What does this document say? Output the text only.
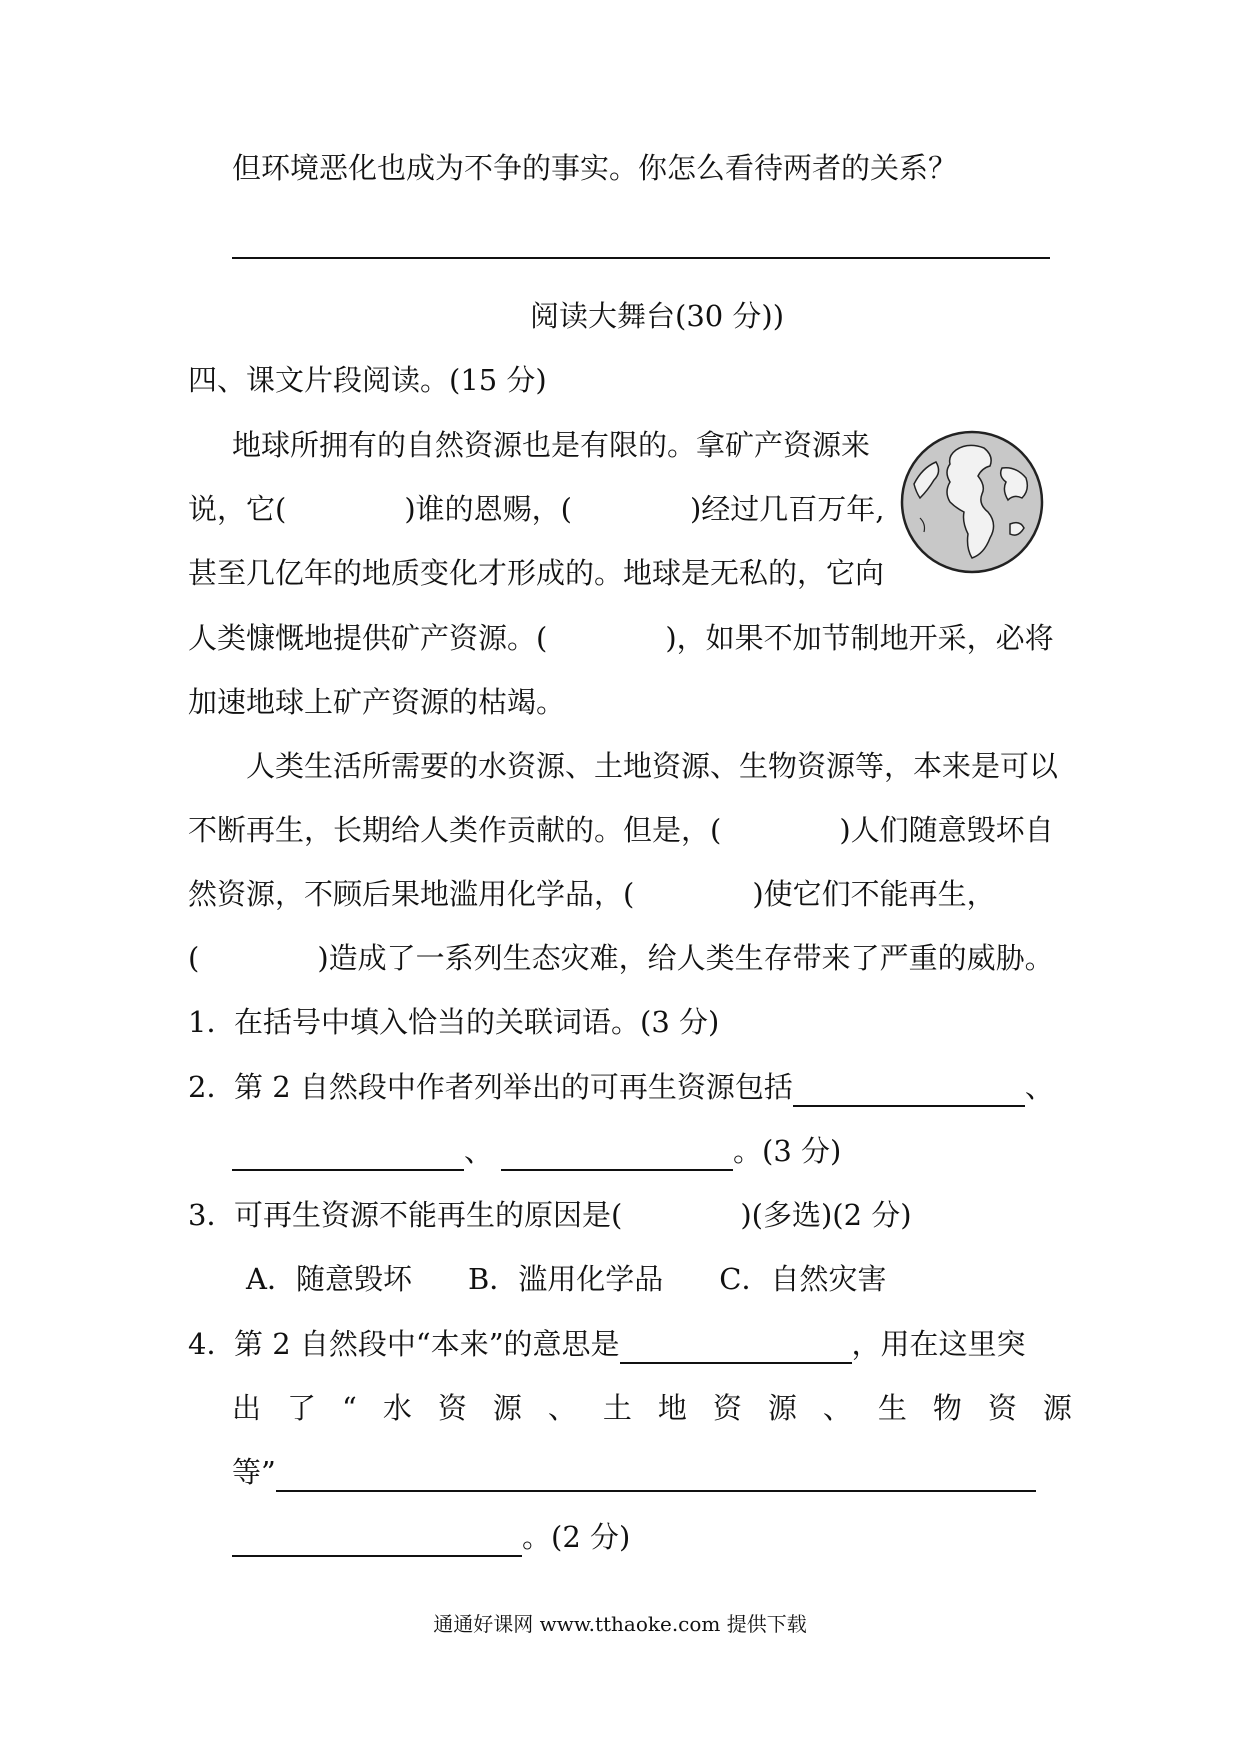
但环境恶化也成为不争的事实。你怎么看待两者的关系？
阅读大舞台(30 分))
四、课文片段阅读。(15 分)
地球所拥有的自然资源也是有限的。拿矿产资源来
说，它(	)谁的恩赐，(	)经过几百万年,
甚至几亿年的地质变化才形成的。地球是无私的，它向
人类慷慨地提供矿产资源。(	)，如果不加节制地开采，必将
加速地球上矿产资源的枯竭。
人类生活所需要的水资源、土地资源、生物资源等，本来是可以
不断再生，长期给人类作贡献的。但是，(	)人们随意毁坏自
然资源，不顾后果地滥用化学品，(	)使它们不能再生，
(	)造成了一系列生态灾难，给人类生存带来了严重的威胁。
1．在括号中填入恰当的关联词语。(3 分)
2．第 2 自然段中作者列举出的可再生资源包括	、
、	。(3 分)
3．可再生资源不能再生的原因是(	)(多选)(2 分)
A．随意毁坏 B．滥用化学品 C．自然灾害
4．第 2 自然段中“本来”的意思是	，用在这里突
出了“水资源、土地资源、生物资源
等”
。(2 分)
通通好课网 www.tthaoke.com 提供下载
